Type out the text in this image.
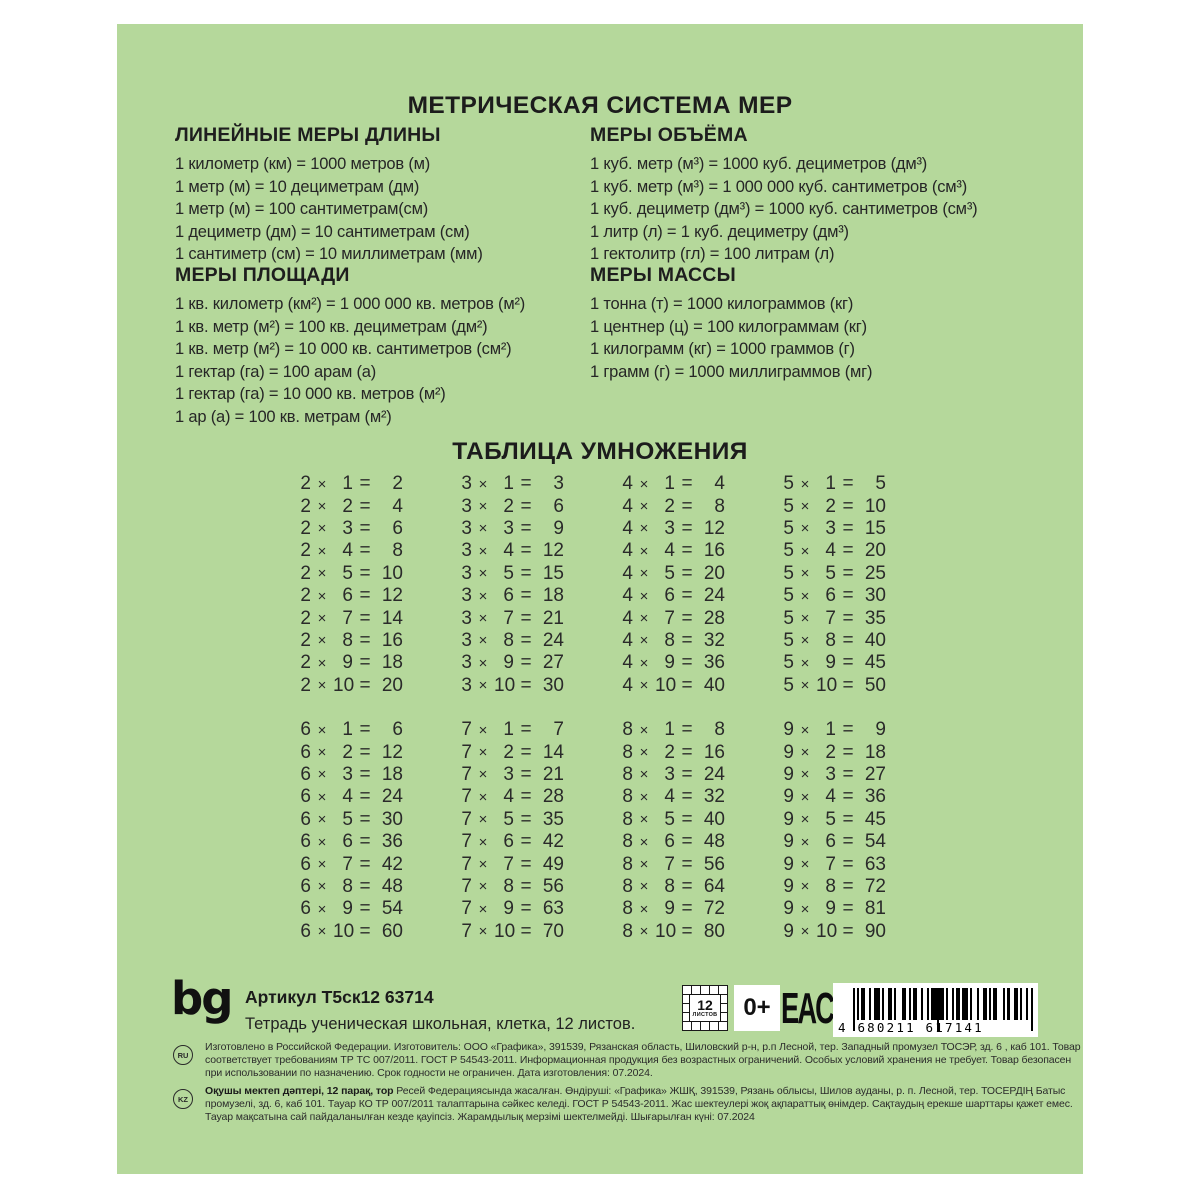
МЕТРИЧЕСКАЯ СИСТЕМА МЕР
ЛИНЕЙНЫЕ МЕРЫ ДЛИНЫ
1 километр (км) = 1000 метров (м)
1 метр (м) = 10 дециметрам (дм)
1 метр (м) = 100 сантиметрам(см)
1 дециметр (дм) = 10 сантиметрам (см)
1 сантиметр (см) = 10 миллиметрам (мм)
МЕРЫ ПЛОЩАДИ
1 кв. километр (км²) = 1 000 000 кв. метров (м²)
1 кв. метр (м²) = 100 кв. дециметрам (дм²)
1 кв. метр (м²) = 10 000 кв. сантиметров (см²)
1 гектар (га) = 100 арам (а)
1 гектар (га) = 10 000 кв. метров (м²)
1 ар (а) = 100 кв. метрам (м²)
МЕРЫ ОБЪЁМА
1 куб. метр (м³) = 1000 куб. дециметров (дм³)
1 куб. метр (м³) = 1 000 000 куб. сантиметров (см³)
1 куб. дециметр (дм³) = 1000 куб. сантиметров (см³)
1 литр (л) = 1 куб. дециметру (дм³)
1 гектолитр (гл) = 100 литрам (л)
МЕРЫ МАССЫ
1 тонна (т) = 1000 килограммов (кг)
1 центнер (ц) = 100 килограммам (кг)
1 килограмм (кг) = 1000 граммов (г)
1 грамм (г) = 1000 миллиграммов (мг)
ТАБЛИЦА УМНОЖЕНИЯ
2 × 1 =	2	3 × 1 =	3	4 × 1 =	4	5 × 1 =	5
2 × 2 =	4	3 × 2 =	6	4 × 2 =	8	5 × 2 = 10
2 × 3 =	6	3 × 3 =	9	4 × 3 = 12	5 × 3 = 15
2 × 4 =	8	3 × 4 = 12	4 × 4 = 16	5 × 4 = 20
2 × 5 = 10	3 × 5 = 15	4 × 5 = 20	5 × 5 = 25
2 × 6 = 12	3 × 6 = 18	4 × 6 = 24	5 × 6 = 30
2 × 7 = 14	3 × 7 = 21	4 × 7 = 28	5 × 7 = 35
2 × 8 = 16	3 × 8 = 24	4 × 8 = 32	5 × 8 = 40
2 × 9 = 18	3 × 9 = 27	4 × 9 = 36	5 × 9 = 45
2 × 10 = 20	3 × 10 = 30	4 × 10 = 40	5 × 10 = 50
6 × 1 =	6	7 × 1 =	7	8 × 1 =	8	9 × 1 =	9
6 × 2 = 12	7 × 2 = 14	8 × 2 = 16	9 × 2 = 18
6 × 3 = 18	7 × 3 = 21	8 × 3 = 24	9 × 3 = 27
6 × 4 = 24	7 × 4 = 28	8 × 4 = 32	9 × 4 = 36
6 × 5 = 30	7 × 5 = 35	8 × 5 = 40	9 × 5 = 45
6 × 6 = 36	7 × 6 = 42	8 × 6 = 48	9 × 6 = 54
6 × 7 = 42	7 × 7 = 49	8 × 7 = 56	9 × 7 = 63
6 × 8 = 48	7 × 8 = 56	8 × 8 = 64	9 × 8 = 72
6 × 9 = 54	7 × 9 = 63	8 × 9 = 72	9 × 9 = 81
6 × 10 = 60	7 × 10 = 70	8 × 10 = 80	9 × 10 = 90
bg Артикул Т5ск12 63714
Тетрадь ученическая школьная, клетка, 12 листов.
12
ЛИСТОВ 0+ EAC 4 680211 617141
RU
Изготовлено в Российской Федерации. Изготовитель: ООО «Графика», 391539, Рязанская область, Шиловский р-н, р.п Лесной, тер. Западный промузел ТОСЭР, зд. 6 , каб 101. Товар соответствует требованиям ТР ТС 007/2011. ГОСТ Р 54543-2011. Информационная продукция без возрастных ограничений. Особых условий хранения не требует. Товар безопасен при использовании по назначению. Срок годности не ограничен. Дата изготовления: 07.2024.
KZ
Оқушы мектеп дәптері, 12 парақ, тор Ресей Федерациясында жасалған. Өндіруші: «Графика» ЖШҚ, 391539, Рязань облысы, Шилов ауданы, р. п. Лесной, тер. ТОСЕРДІҢ Батыс промузелі, зд. 6, каб 101. Тауар КО ТР 007/2011 талаптарына сәйкес келеді. ГОСТ Р 54543-2011. Жас шектеулері жоқ ақпараттық өнімдер. Сақтаудың ерекше шарттары қажет емес. Тауар мақсатына сай пайдаланылған кезде қауіпсіз. Жарамдылық мерзімі шектелмейді. Шығарылған күні: 07.2024
